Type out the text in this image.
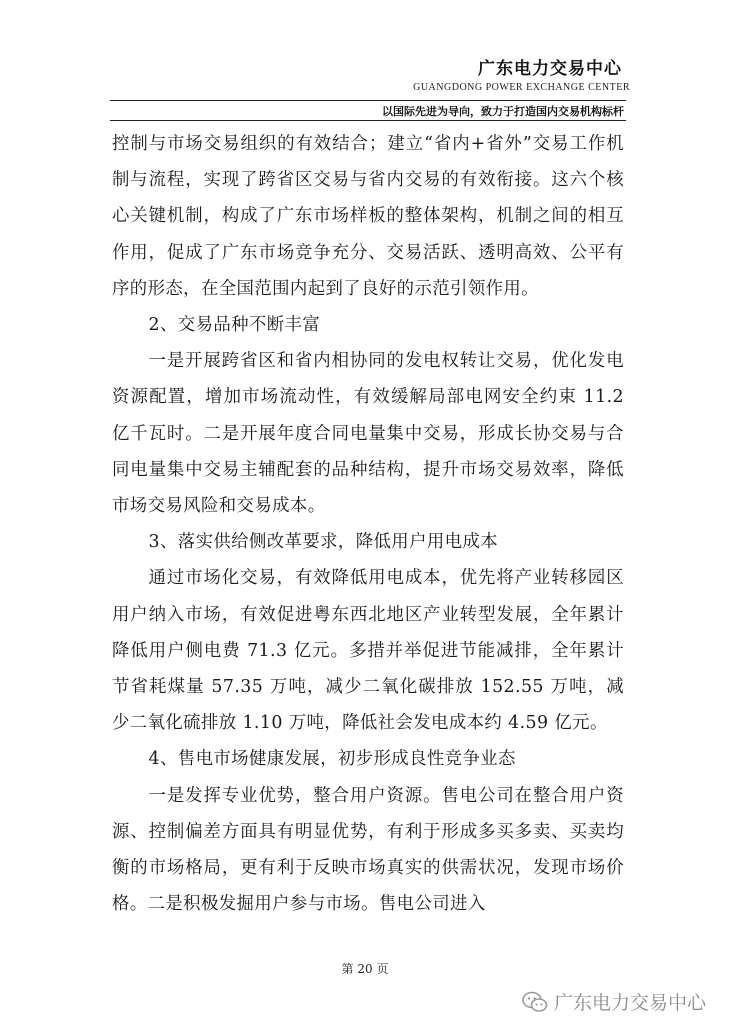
广东电力交易中心
GUANGDONG POWER EXCHANGE CENTER
以国际先进为导向，致力于打造国内交易机构标杆

控制与市场交易组织的有效结合；建立“省内+省外”交易工作机制与流程，实现了跨省区交易与省内交易的有效衔接。这六个核心关键机制，构成了广东市场样板的整体架构，机制之间的相互作用，促成了广东市场竞争充分、交易活跃、透明高效、公平有序的形态，在全国范围内起到了良好的示范引领作用。

2、交易品种不断丰富

一是开展跨省区和省内相协同的发电权转让交易，优化发电资源配置，增加市场流动性，有效缓解局部电网安全约束 11.2 亿千瓦时。二是开展年度合同电量集中交易，形成长协交易与合同电量集中交易主辅配套的品种结构，提升市场交易效率，降低市场交易风险和交易成本。

3、落实供给侧改革要求，降低用户用电成本

通过市场化交易，有效降低用电成本，优先将产业转移园区用户纳入市场，有效促进粤东西北地区产业转型发展，全年累计降低用户侧电费 71.3 亿元。多措并举促进节能减排，全年累计节省耗煤量 57.35 万吨，减少二氧化碳排放 152.55 万吨，减少二氧化硫排放 1.10 万吨，降低社会发电成本约 4.59 亿元。

4、售电市场健康发展，初步形成良性竞争业态

一是发挥专业优势，整合用户资源。售电公司在整合用户资源、控制偏差方面具有明显优势，有利于形成多买多卖、买卖均衡的市场格局，更有利于反映市场真实的供需状况，发现市场价格。二是积极发掘用户参与市场。售电公司进入

第 20 页
广东电力交易中心
